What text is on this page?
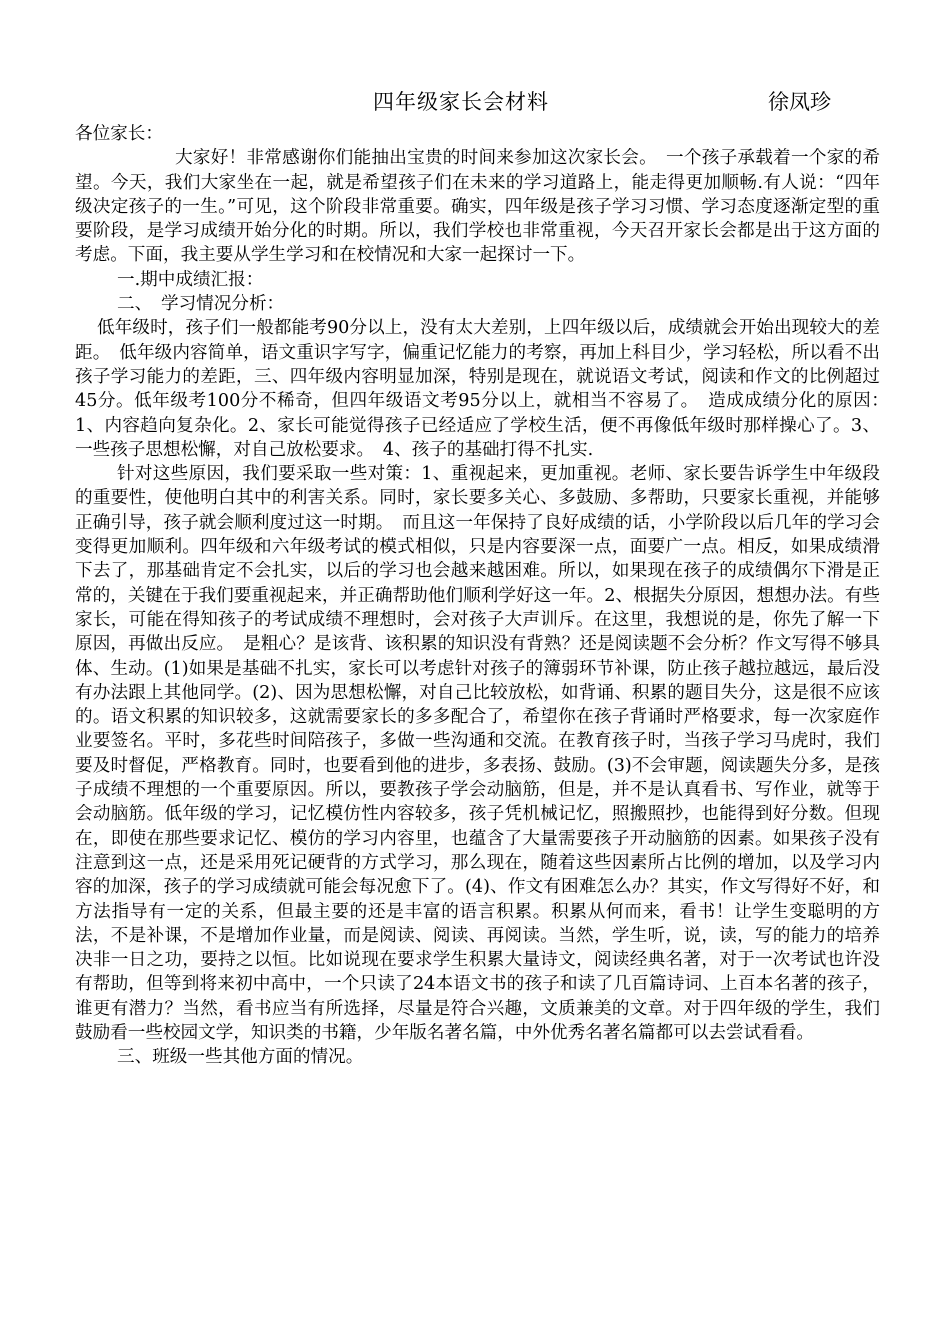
四年级家长会材料	徐凤珍

各位家长：

大家好！非常感谢你们能抽出宝贵的时间来参加这次家长会。　一个孩子承载着一个家的希望。今天，我们大家坐在一起，就是希望孩子们在未来的学习道路上，能走得更加顺畅.有人说：“四年级决定孩子的一生。”可见，这个阶段非常重要。确实，四年级是孩子学习习惯、学习态度逐渐定型的重要阶段，是学习成绩开始分化的时期。所以，我们学校也非常重视，今天召开家长会都是出于这方面的考虑。下面，我主要从学生学习和在校情况和大家一起探讨一下。

一.期中成绩汇报：

二、　学习情况分析：

低年级时，孩子们一般都能考90分以上，没有太大差别，上四年级以后，成绩就会开始出现较大的差距。　低年级内容简单，语文重识字写字，偏重记忆能力的考察，再加上科目少，学习轻松，所以看不出孩子学习能力的差距，三、四年级内容明显加深，特别是现在，就说语文考试，阅读和作文的比例超过45分。低年级考100分不稀奇，但四年级语文考95分以上，就相当不容易了。　造成成绩分化的原因：　1、内容趋向复杂化。2、家长可能觉得孩子已经适应了学校生活，便不再像低年级时那样操心了。3、一些孩子思想松懈，对自己放松要求。　4、孩子的基础打得不扎实.

针对这些原因，我们要采取一些对策：1、重视起来，更加重视。老师、家长要告诉学生中年级段的重要性，使他明白其中的利害关系。同时，家长要多关心、多鼓励、多帮助，只要家长重视，并能够正确引导，孩子就会顺利度过这一时期。　而且这一年保持了良好成绩的话，小学阶段以后几年的学习会变得更加顺利。四年级和六年级考试的模式相似，只是内容要深一点，面要广一点。相反，如果成绩滑下去了，那基础肯定不会扎实，以后的学习也会越来越困难。所以，如果现在孩子的成绩偶尔下滑是正常的，关键在于我们要重视起来，并正确帮助他们顺利学好这一年。2、根据失分原因，想想办法。有些家长，可能在得知孩子的考试成绩不理想时，会对孩子大声训斥。在这里，我想说的是，你先了解一下原因，再做出反应。　是粗心？是该背、该积累的知识没有背熟？还是阅读题不会分析？作文写得不够具体、生动。(1)如果是基础不扎实，家长可以考虑针对孩子的簿弱环节补课，防止孩子越拉越远，最后没有办法跟上其他同学。(2)、因为思想松懈，对自己比较放松，如背诵、积累的题目失分，这是很不应该的。语文积累的知识较多，这就需要家长的多多配合了，希望你在孩子背诵时严格要求，每一次家庭作业要签名。平时，多花些时间陪孩子，多做一些沟通和交流。在教育孩子时，当孩子学习马虎时，我们要及时督促，严格教育。同时，也要看到他的进步，多表扬、鼓励。(3)不会审题，阅读题失分多，是孩子成绩不理想的一个重要原因。所以，要教孩子学会动脑筋，但是，并不是认真看书、写作业，就等于会动脑筋。低年级的学习，记忆模仿性内容较多，孩子凭机械记忆，照搬照抄，也能得到好分数。但现在，即使在那些要求记忆、模仿的学习内容里，也蕴含了大量需要孩子开动脑筋的因素。如果孩子没有注意到这一点，还是采用死记硬背的方式学习，那么现在，随着这些因素所占比例的增加，以及学习内容的加深，孩子的学习成绩就可能会每况愈下了。(4)、作文有困难怎么办？其实，作文写得好不好，和方法指导有一定的关系，但最主要的还是丰富的语言积累。积累从何而来，看书！让学生变聪明的方法，不是补课，不是增加作业量，而是阅读、阅读、再阅读。当然，学生听，说，读，写的能力的培养决非一日之功，要持之以恒。比如说现在要求学生积累大量诗文，阅读经典名著，对于一次考试也许没有帮助，但等到将来初中高中，一个只读了24本语文书的孩子和读了几百篇诗词、上百本名著的孩子，谁更有潜力？当然，看书应当有所选择，尽量是符合兴趣，文质兼美的文章。对于四年级的学生，我们鼓励看一些校园文学，知识类的书籍，少年版名著名篇，中外优秀名著名篇都可以去尝试看看。

三、班级一些其他方面的情况。
